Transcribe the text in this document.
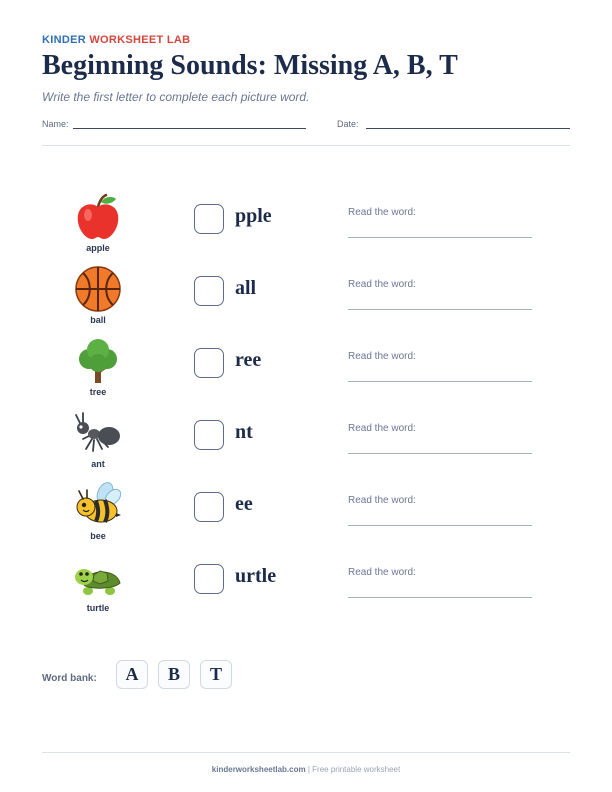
KINDER WORKSHEET LAB
Beginning Sounds: Missing A, B, T
Write the first letter to complete each picture word.
Name:	Date:
apple
pple	Read the word:
ball
all	Read the word:
tree
ree	Read the word:
ant
nt	Read the word:
bee
ee	Read the word:
turtle
urtle	Read the word:
Word bank:	A	B	T
kinderworksheetlab.com | Free printable worksheet
